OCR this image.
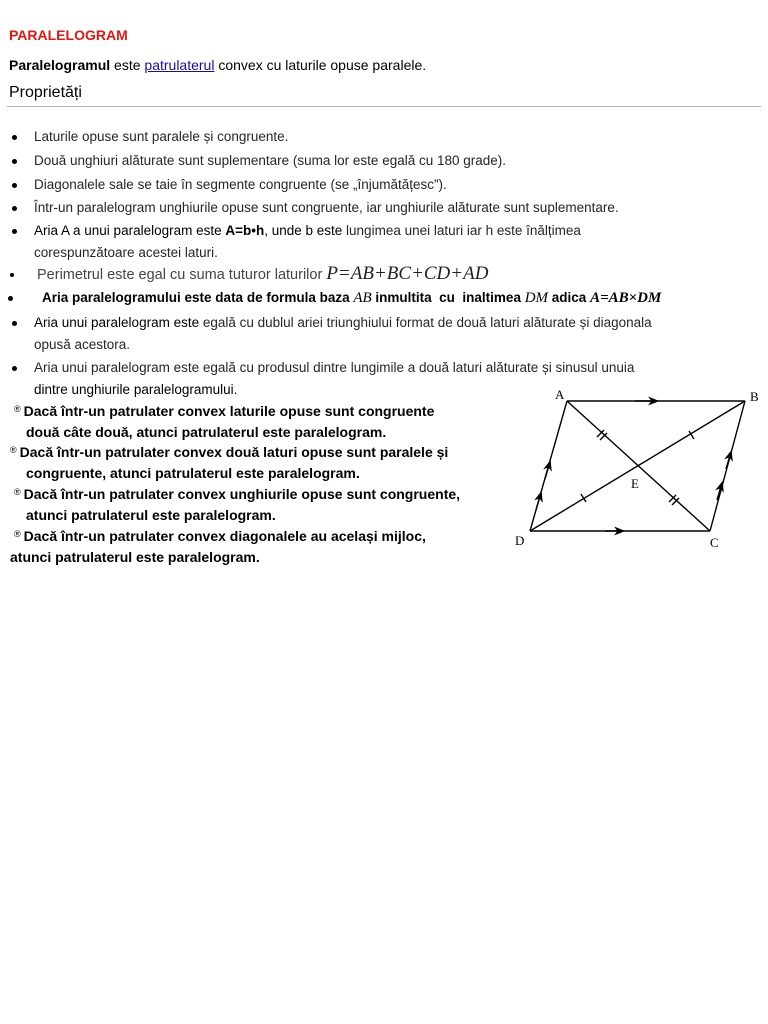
PARALELOGRAM
Paralelogramul este patrulaterul convex cu laturile opuse paralele.
Proprietăți
Laturile opuse sunt paralele și congruente.
Două unghiuri alăturate sunt suplementare (suma lor este egală cu 180 grade).
Diagonalele sale se taie în segmente congruente (se „înjumătățesc”).
Într-un paralelogram unghiurile opuse sunt congruente, iar unghiurile alăturate sunt suplementare.
Aria A a unui paralelogram este A=b•h, unde b este lungimea unei laturi iar h este înălțimea
corespunzătoare acestei laturi.
Perimetrul este egal cu suma tuturor laturilor P=AB+BC+CD+AD
Aria paralelogramului este data de formula baza AB inmultita  cu  inaltimea DM adica A=AB×DM
Aria unui paralelogram este egală cu dublul ariei triunghiului format de două laturi alăturate și diagonala
opusă acestora.
Aria unui paralelogram este egală cu produsul dintre lungimile a două laturi alăturate și sinusul unuia
dintre unghiurile paralelogramului.
® Dacă într-un patrulater convex laturile opuse sunt congruente
două câte două, atunci patrulaterul este paralelogram.
® Dacă într-un patrulater convex două laturi opuse sunt paralele și
congruente, atunci patrulaterul este paralelogram.
® Dacă într-un patrulater convex unghiurile opuse sunt congruente,
atunci patrulaterul este paralelogram.
® Dacă într-un patrulater convex diagonalele au același mijloc,
atunci patrulaterul este paralelogram.
A	B
C
D
E
